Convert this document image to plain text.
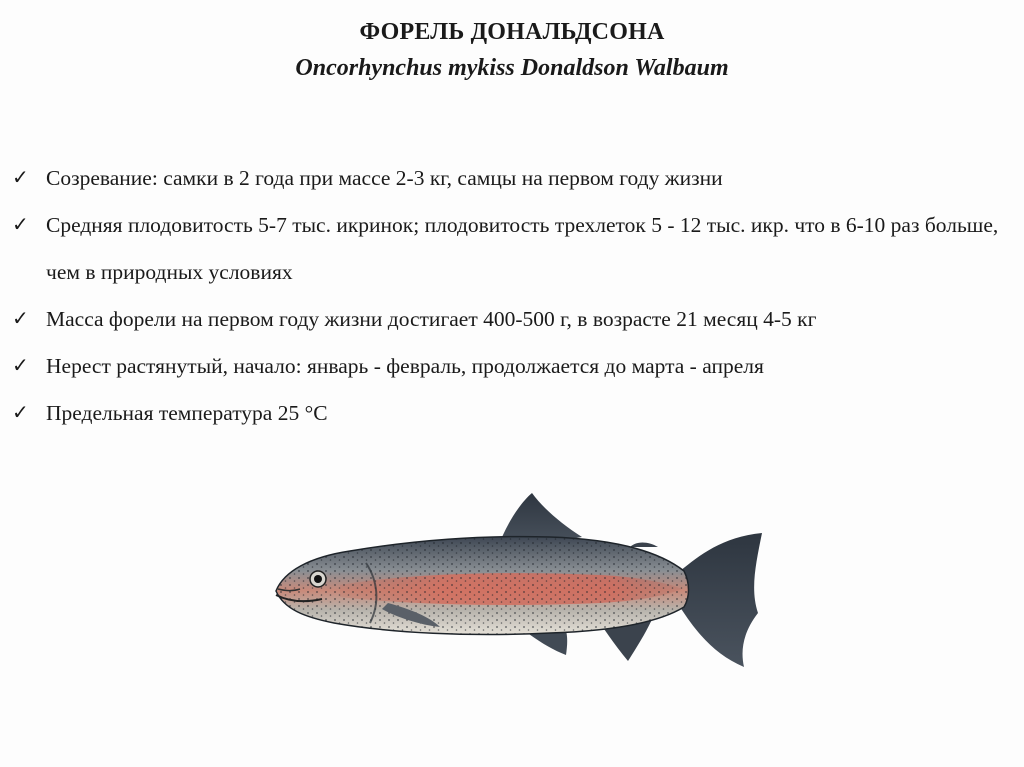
ФОРЕЛЬ ДОНАЛЬДСОНА
Oncorhynchus mykiss Donaldson Walbaum
✓ Созревание: самки в 2 года при массе 2-3 кг, самцы на первом году жизни
✓ Средняя плодовитость 5-7 тыс. икринок; плодовитость трехлеток 5 - 12 тыс. икр. что в 6-10 раз больше, чем в природных условиях
✓ Масса форели на первом году жизни достигает 400-500 г, в возрасте 21 месяц 4-5 кг
✓ Нерест растянутый, начало: январь - февраль, продолжается до марта - апреля
✓ Предельная температура 25 °С
